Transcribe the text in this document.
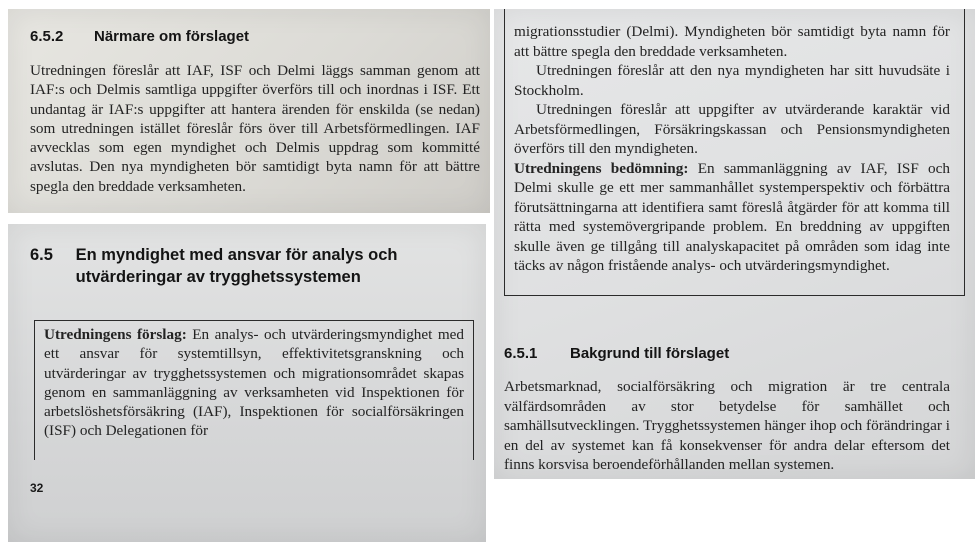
6.5.2	Närmare om förslaget

Utredningen föreslår att IAF, ISF och Delmi läggs samman genom att IAF:s och Delmis samtliga uppgifter överförs till och inordnas i ISF. Ett undantag är IAF:s uppgifter att hantera ärenden för enskilda (se nedan) som utredningen istället föreslår förs över till Arbetsförmedlingen. IAF avvecklas som egen myndighet och Delmis uppdrag som kommitté avslutas. Den nya myndigheten bör samtidigt byta namn för att bättre spegla den breddade verksamheten.

6.5	En myndighet med ansvar för analys och utvärderingar av trygghetssystemen

Utredningens förslag: En analys- och utvärderingsmyndighet med ett ansvar för systemtillsyn, effektivitetsgranskning och utvärderingar av trygghetssystemen och migrationsområdet skapas genom en sammanläggning av verksamheten vid Inspektionen för arbetslöshetsförsäkring (IAF), Inspektionen för socialförsäkringen (ISF) och Delegationen för

32

migrationsstudier (Delmi). Myndigheten bör samtidigt byta namn för att bättre spegla den breddade verksamheten.

Utredningen föreslår att den nya myndigheten har sitt huvudsäte i Stockholm.

Utredningen föreslår att uppgifter av utvärderande karaktär vid Arbetsförmedlingen, Försäkringskassan och Pensionsmyndigheten överförs till den myndigheten.

Utredningens bedömning: En sammanläggning av IAF, ISF och Delmi skulle ge ett mer sammanhållet systemperspektiv och förbättra förutsättningarna att identifiera samt föreslå åtgärder för att komma till rätta med systemövergripande problem. En breddning av uppgiften skulle även ge tillgång till analyskapacitet på områden som idag inte täcks av någon fristående analys- och utvärderingsmyndighet.

6.5.1	Bakgrund till förslaget

Arbetsmarknad, socialförsäkring och migration är tre centrala välfärdsområden av stor betydelse för samhället och samhällsutvecklingen. Trygghetssystemen hänger ihop och förändringar i en del av systemet kan få konsekvenser för andra delar eftersom det finns korsvisa beroendeförhållanden mellan systemen.
